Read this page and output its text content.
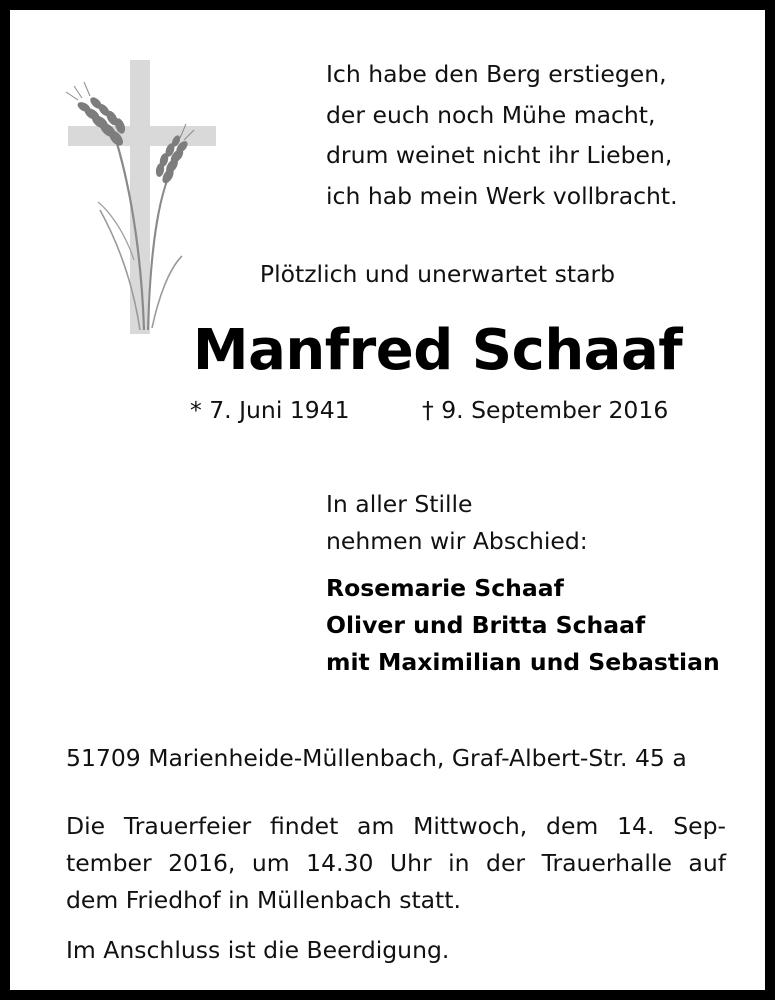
Ich habe den Berg erstiegen,
der euch noch Mühe macht,
drum weinet nicht ihr Lieben,
ich hab mein Werk vollbracht.
Plötzlich und unerwartet starb
Manfred Schaaf
* 7. Juni 1941	† 9. September 2016
In aller Stille
nehmen wir Abschied:
Rosemarie Schaaf
Oliver und Britta Schaaf
mit Maximilian und Sebastian
51709 Marienheide-Müllenbach, Graf-Albert-Str. 45 a
Die Trauerfeier findet am Mittwoch, dem 14. Sep-
tember 2016, um 14.30 Uhr in der Trauerhalle auf
dem Friedhof in Müllenbach statt.
Im Anschluss ist die Beerdigung.
